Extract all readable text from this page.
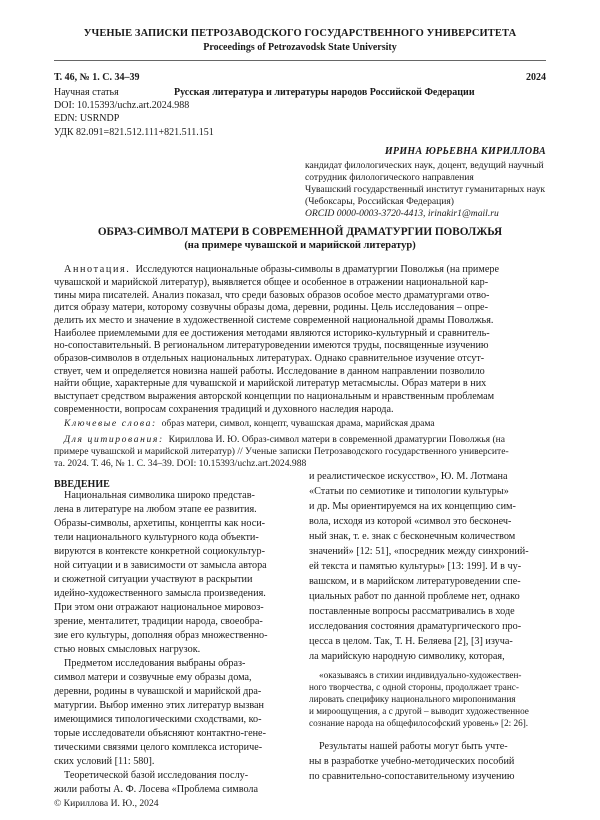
УЧЕНЫЕ ЗАПИСКИ ПЕТРОЗАВОДСКОГО ГОСУДАРСТВЕННОГО УНИВЕРСИТЕТА
Proceedings of Petrozavodsk State University
Т. 46, № 1. С. 34–39	2024
Научная статья	Русская литература и литературы народов Российской Федерации
DOI: 10.15393/uchz.art.2024.988
EDN: USRNDP
УДК 82.091=821.512.111+821.511.151
ИРИНА ЮРЬЕВНА КИРИЛЛОВА
кандидат филологических наук, доцент, ведущий научный
сотрудник филологического направления
Чувашский государственный институт гуманитарных наук
(Чебоксары, Российская Федерация)
ORCID 0000-0003-3720-4413, irinakir1@mail.ru
ОБРАЗ-СИМВОЛ МАТЕРИ В СОВРЕМЕННОЙ ДРАМАТУРГИИ ПОВОЛЖЬЯ
(на примере чувашской и марийской литератур)
Аннотация. Исследуются национальные образы-символы в драматургии Поволжья (на примере
чувашской и марийской литератур), выявляется общее и особенное в отражении национальной кар-
тины мира писателей. Анализ показал, что среди базовых образов особое место драматургами отво-
дится образу матери, которому созвучны образы дома, деревни, родины. Цель исследования – опре-
делить их место и значение в художественной системе современной национальной драмы Поволжья.
Наиболее приемлемыми для ее достижения методами являются историко-культурный и сравнитель-
но-сопоставительный. В региональном литературоведении имеются труды, посвященные изучению
образов-символов в отдельных национальных литературах. Однако сравнительное изучение отсут-
ствует, чем и определяется новизна нашей работы. Исследование в данном направлении позволило
найти общие, характерные для чувашской и марийской литератур метасмыслы. Образ матери в них
выступает средством выражения авторской концепции по национальным и нравственным проблемам
современности, вопросам сохранения традиций и духовного наследия народа.
Ключевые слова: образ матери, символ, концепт, чувашская драма, марийская драма
Для цитирования: Кириллова И. Ю. Образ-символ матери в современной драматургии Поволжья (на
примере чувашской и марийской литератур) // Ученые записки Петрозаводского государственного университе-
та. 2024. Т. 46, № 1. С. 34–39. DOI: 10.15393/uchz.art.2024.988
ВВЕДЕНИЕ
Национальная символика широко представ-
лена в литературе на любом этапе ее развития.
Образы-символы, архетипы, концепты как носи-
тели национального культурного кода объекти-
вируются в контексте конкретной социокультур-
ной ситуации и в зависимости от замысла автора
и сюжетной ситуации участвуют в раскрытии
идейно-художественного замысла произведения.
При этом они отражают национальное мировоз-
зрение, менталитет, традиции народа, своеобра-
зие его культуры, дополняя образ множественно-
стью новых смысловых нагрузок.
Предметом исследования выбраны образ-
символ матери и созвучные ему образы дома,
деревни, родины в чувашской и марийской дра-
матургии. Выбор именно этих литератур вызван
имеющимися типологическими сходствами, ко-
торые исследователи объясняют контактно-гене-
тическими связями целого комплекса историче-
ских условий [11: 580].
Теоретической базой исследования послу-
жили работы А. Ф. Лосева «Проблема символа
и реалистическое искусство», Ю. М. Лотмана
«Статьи по семиотике и типологии культуры»
и др. Мы ориентируемся на их концепцию сим-
вола, исходя из которой «символ это бесконеч-
ный знак, т. е. знак с бесконечным количеством
значений» [12: 51], «посредник между синхроний-
ей текста и памятью культуры» [13: 199]. И в чу-
вашском, и в марийском литературоведении спе-
циальных работ по данной проблеме нет, однако
поставленные вопросы рассматривались в ходе
исследования состояния драматургического про-
цесса в целом. Так, Т. Н. Беляева [2], [3] изуча-
ла марийскую народную символику, которая,
«оказываясь в стихии индивидуально-художествен-
ного творчества, с одной стороны, продолжает транс-
лировать специфику национального миропонимания
и мироощущения, а с другой – выводит художественное
сознание народа на общефилософский уровень» [2: 26].
Результаты нашей работы могут быть учте-
ны в разработке учебно-методических пособий
по сравнительно-сопоставительному изучению
© Кириллова И. Ю., 2024
